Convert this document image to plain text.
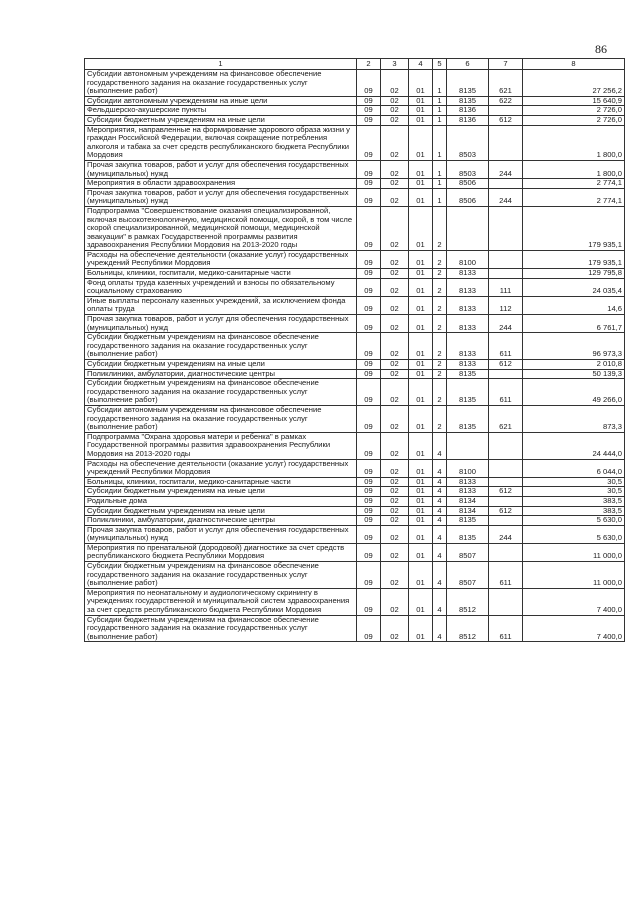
86
1	2	3	4	5	6	7	8
Субсидии автономным учреждениям на финансовое обеспечение государственного задания на оказание государственных услуг (выполнение работ)	09	02	01	1	8135	621	27 256,2
Субсидии автономным учреждениям на иные цели	09	02	01	1	8135	622	15 640,9
Фельдшерско-акушерские пункты	09	02	01	1	8136		2 726,0
Субсидии бюджетным учреждениям на иные цели	09	02	01	1	8136	612	2 726,0
Мероприятия, направленные на формирование здорового образа жизни у граждан Российской Федерации, включая сокращение потребления алкоголя и табака за счет средств республиканского бюджета Республики Мордовия	09	02	01	1	8503		1 800,0
Прочая закупка товаров, работ и услуг для обеспечения государственных (муниципальных) нужд	09	02	01	1	8503	244	1 800,0
Мероприятия в области здравоохранения	09	02	01	1	8506		2 774,1
Прочая закупка товаров, работ и услуг для обеспечения государственных (муниципальных) нужд	09	02	01	1	8506	244	2 774,1
Подпрограмма "Совершенствование оказания специализированной, включая высокотехнологичную, медицинской помощи, скорой, в том числе скорой специализированной, медицинской помощи, медицинской эвакуации" в рамках Государственной программы развития здравоохранения Республики Мордовия на 2013-2020 годы	09	02	01	2			179 935,1
Расходы на обеспечение деятельности (оказание услуг) государственных учреждений Республики Мордовия	09	02	01	2	8100		179 935,1
Больницы, клиники, госпитали, медико-санитарные части	09	02	01	2	8133		129 795,8
Фонд оплаты труда казенных учреждений и взносы по обязательному социальному страхованию	09	02	01	2	8133	111	24 035,4
Иные выплаты персоналу казенных учреждений, за исключением фонда оплаты труда	09	02	01	2	8133	112	14,6
Прочая закупка товаров, работ и услуг для обеспечения государственных (муниципальных) нужд	09	02	01	2	8133	244	6 761,7
Субсидии бюджетным учреждениям на финансовое обеспечение государственного задания на оказание государственных услуг (выполнение работ)	09	02	01	2	8133	611	96 973,3
Субсидии бюджетным учреждениям на иные цели	09	02	01	2	8133	612	2 010,8
Поликлиники, амбулатории, диагностические центры	09	02	01	2	8135		50 139,3
Субсидии бюджетным учреждениям на финансовое обеспечение государственного задания на оказание государственных услуг (выполнение работ)	09	02	01	2	8135	611	49 266,0
Субсидии автономным учреждениям на финансовое обеспечение государственного задания на оказание государственных услуг (выполнение работ)	09	02	01	2	8135	621	873,3
Подпрограмма "Охрана здоровья матери и ребенка" в рамках Государственной программы развития здравоохранения Республики Мордовия на 2013-2020 годы	09	02	01	4			24 444,0
Расходы на обеспечение деятельности (оказание услуг) государственных учреждений Республики Мордовия	09	02	01	4	8100		6 044,0
Больницы, клиники, госпитали, медико-санитарные части	09	02	01	4	8133		30,5
Субсидии бюджетным учреждениям на иные цели	09	02	01	4	8133	612	30,5
Родильные дома	09	02	01	4	8134		383,5
Субсидии бюджетным учреждениям на иные цели	09	02	01	4	8134	612	383,5
Поликлиники, амбулатории, диагностические центры	09	02	01	4	8135		5 630,0
Прочая закупка товаров, работ и услуг для обеспечения государственных (муниципальных) нужд	09	02	01	4	8135	244	5 630,0
Мероприятия по пренатальной (дородовой) диагностике за счет средств республиканского бюджета Республики Мордовия	09	02	01	4	8507		11 000,0
Субсидии бюджетным учреждениям на финансовое обеспечение государственного задания на оказание государственных услуг (выполнение работ)	09	02	01	4	8507	611	11 000,0
Мероприятия по неонатальному и аудиологическому скринингу в учреждениях государственной и муниципальной систем здравоохранения за счет средств республиканского бюджета Республики Мордовия	09	02	01	4	8512		7 400,0
Субсидии бюджетным учреждениям на финансовое обеспечение государственного задания на оказание государственных услуг (выполнение работ)	09	02	01	4	8512	611	7 400,0
